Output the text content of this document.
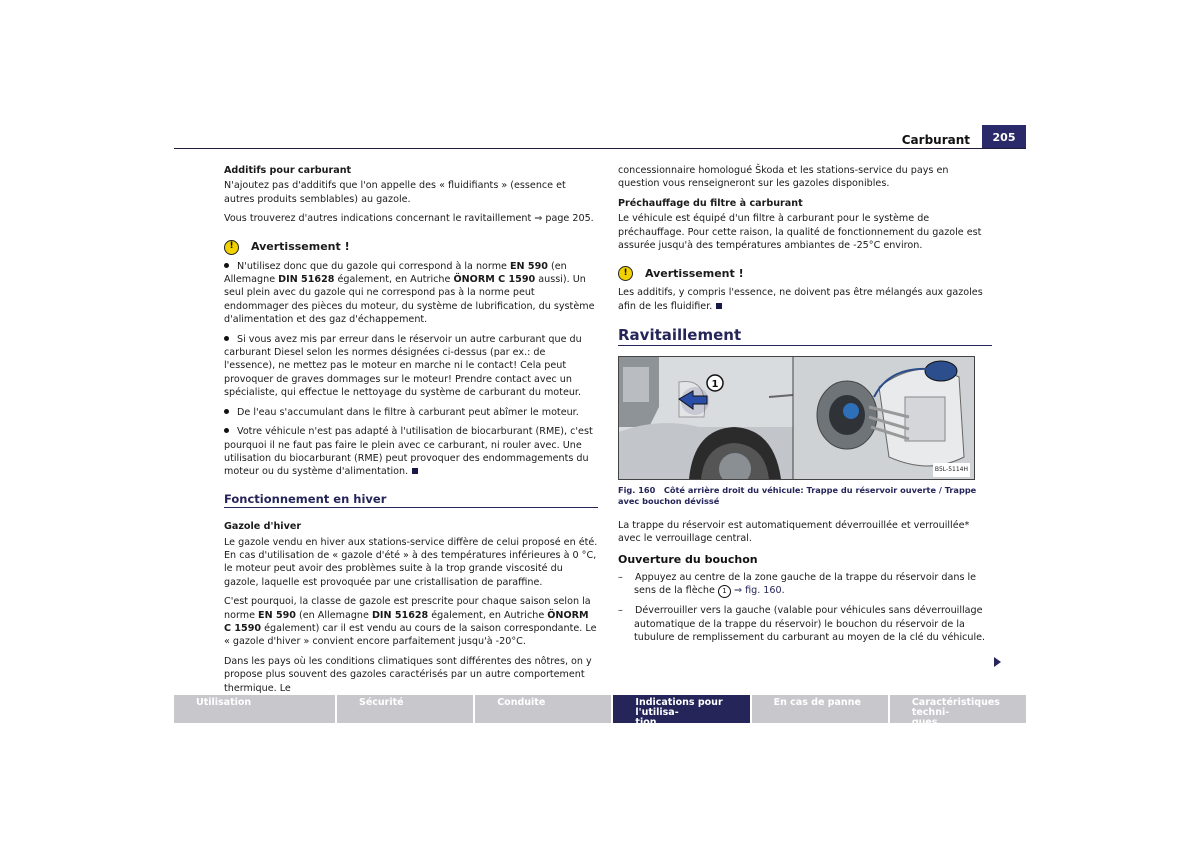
Carburant	205
Additifs pour carburant

N'ajoutez pas d'additifs que l'on appelle des « fluidifiants » (essence et autres produits semblables) au gazole.

Vous trouverez d'autres indications concernant le ravitaillement ⇒ page 205.

!	Avertissement !

N'utilisez donc que du gazole qui correspond à la norme EN 590 (en Allemagne DIN 51628 également, en Autriche ÖNORM C 1590 aussi). Un seul plein avec du gazole qui ne correspond pas à la norme peut endommager des pièces du moteur, du système de lubrification, du système d'alimentation et des gaz d'échappement.

Si vous avez mis par erreur dans le réservoir un autre carburant que du carburant Diesel selon les normes désignées ci-dessus (par ex.: de l'essence), ne mettez pas le moteur en marche ni le contact! Cela peut provoquer de graves dommages sur le moteur! Prendre contact avec un spécialiste, qui effectue le nettoyage du système de carburant du moteur.

De l'eau s'accumulant dans le filtre à carburant peut abîmer le moteur.

Votre véhicule n'est pas adapté à l'utilisation de biocarburant (RME), c'est pourquoi il ne faut pas faire le plein avec ce carburant, ni rouler avec. Une utilisation du biocarburant (RME) peut provoquer des endommagements du moteur ou du système d'alimentation.

Fonctionnement en hiver
Gazole d'hiver

Le gazole vendu en hiver aux stations-service diffère de celui proposé en été. En cas d'utilisation de « gazole d'été » à des températures inférieures à 0 °C, le moteur peut avoir des problèmes suite à la trop grande viscosité du gazole, laquelle est provoquée par une cristallisation de paraffine.

C'est pourquoi, la classe de gazole est prescrite pour chaque saison selon la norme EN 590 (en Allemagne DIN 51628 également, en Autriche ÖNORM C 1590 également) car il est vendu au cours de la saison correspondante. Le « gazole d'hiver » convient encore parfaitement jusqu'à -20°C.

Dans les pays où les conditions climatiques sont différentes des nôtres, on y propose plus souvent des gazoles caractérisés par un autre comportement thermique. Le

concessionnaire homologué Škoda et les stations-service du pays en question vous renseigneront sur les gazoles disponibles.

Préchauffage du filtre à carburant

Le véhicule est équipé d'un filtre à carburant pour le système de préchauffage. Pour cette raison, la qualité de fonctionnement du gazole est assurée jusqu'à des températures ambiantes de -25°C environ.

!	Avertissement !

Les additifs, y compris l'essence, ne doivent pas être mélangés aux gazoles afin de les fluidifier.

Ravitaillement
1
B5L-5114H
Fig. 160 Côté arrière droit du véhicule: Trappe du réservoir ouverte / Trappe avec bouchon dévissé

La trappe du réservoir est automatiquement déverrouillée et verrouillée* avec le verrouillage central.

Ouverture du bouchon

–    Appuyez au centre de la zone gauche de la trappe du réservoir dans le sens de la flèche 1 ⇒ fig. 160.

–    Déverrouiller vers la gauche (valable pour véhicules sans déverrouillage automatique de la trappe du réservoir) le bouchon du réservoir de la tubulure de remplissement du carburant au moyen de la clé du véhicule.

Utilisation	Sécurité	Conduite	Indications pour l'utilisa-
tion
En cas de panne	Caractéristiques techni-
ques
